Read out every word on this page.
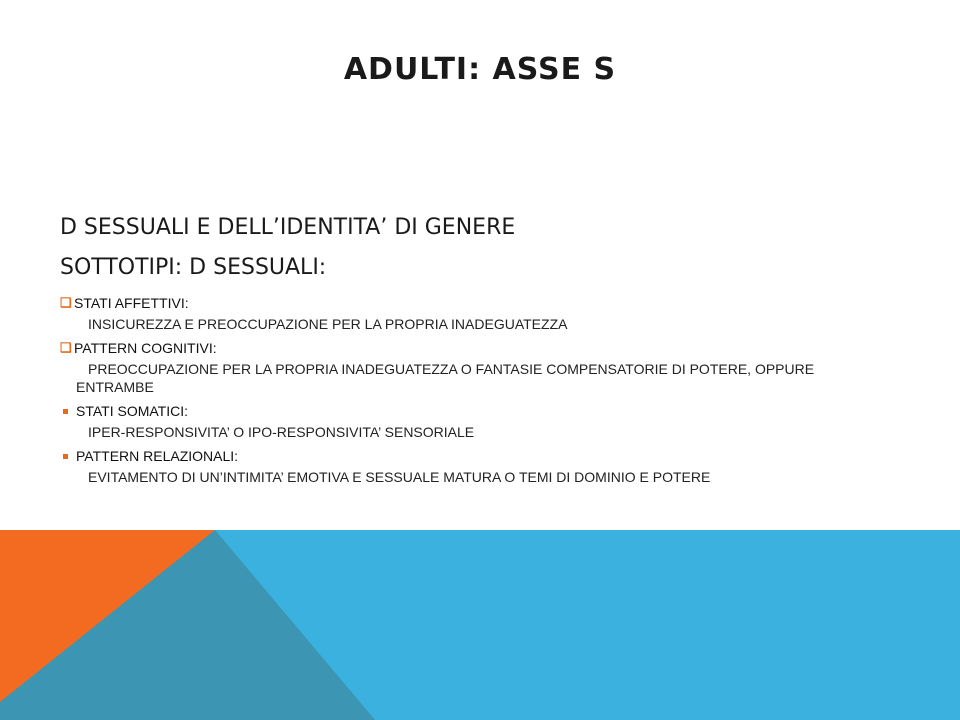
ADULTI: ASSE S
D SESSUALI E DELL’IDENTITA’ DI GENERE
SOTTOTIPI: D SESSUALI:
❑ STATI AFFETTIVI:
INSICUREZZA E PREOCCUPAZIONE PER LA PROPRIA INADEGUATEZZA
❑ PATTERN COGNITIVI:
PREOCCUPAZIONE PER LA PROPRIA INADEGUATEZZA O FANTASIE COMPENSATORIE DI POTERE, OPPURE ENTRAMBE
STATI SOMATICI:
IPER-RESPONSIVITA’ O IPO-RESPONSIVITA’ SENSORIALE
PATTERN RELAZIONALI:
EVITAMENTO DI UN’INTIMITA’ EMOTIVA E SESSUALE MATURA O TEMI DI DOMINIO E POTERE
